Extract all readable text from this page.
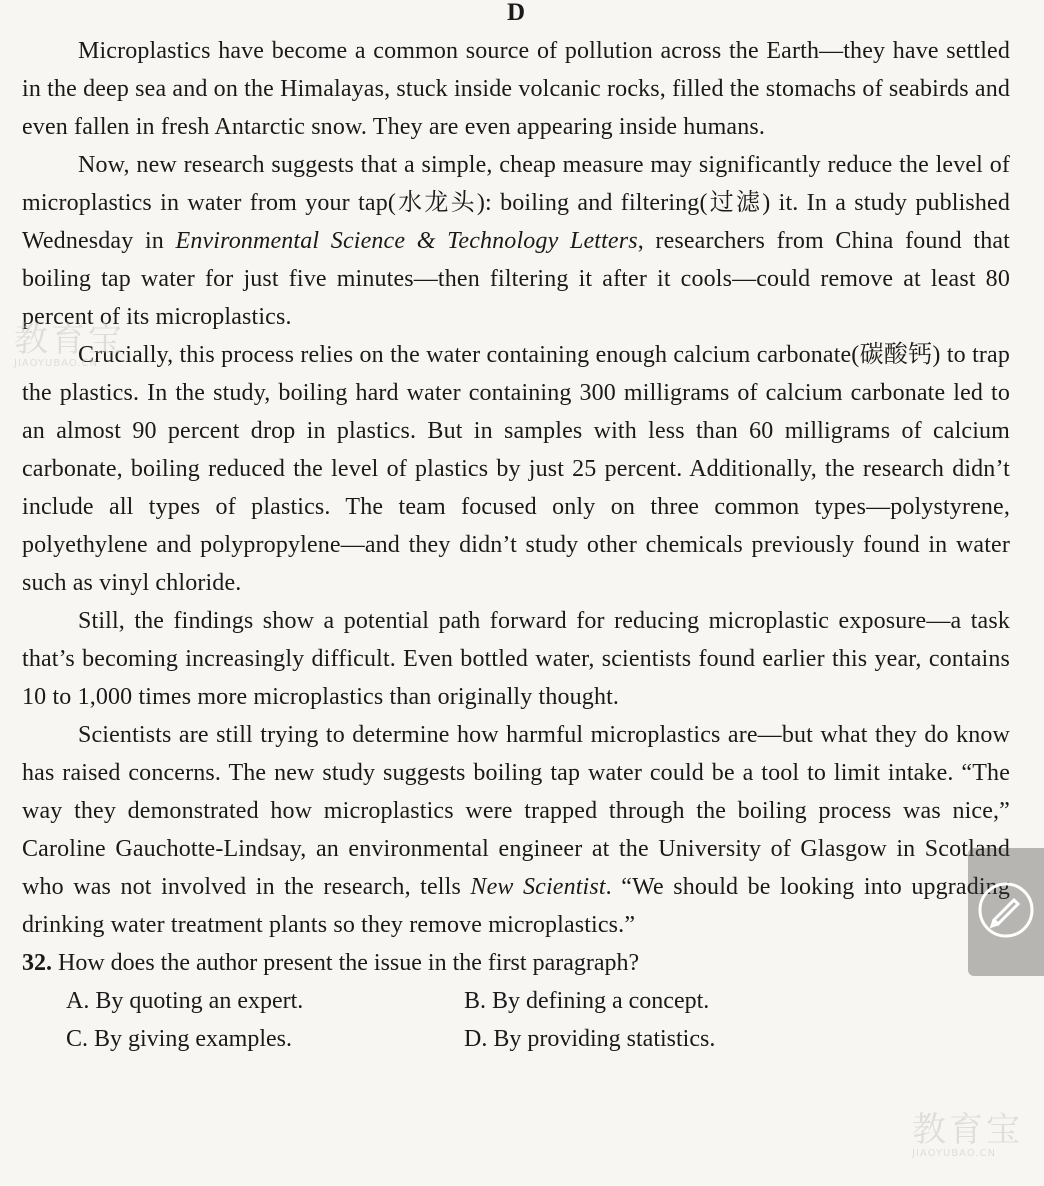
D

Microplastics have become a common source of pollution across the Earth—they have settled in the deep sea and on the Himalayas, stuck inside volcanic rocks, filled the stomachs of seabirds and even fallen in fresh Antarctic snow. They are even appearing inside humans.

Now, new research suggests that a simple, cheap measure may significantly reduce the level of microplastics in water from your tap(水龙头): boiling and filtering(过滤) it. In a study published Wednesday in Environmental Science & Technology Letters, researchers from China found that boiling tap water for just five minutes—then filtering it after it cools—could remove at least 80 percent of its microplastics.

Crucially, this process relies on the water containing enough calcium carbonate(碳酸钙) to trap the plastics. In the study, boiling hard water containing 300 milligrams of calcium carbonate led to an almost 90 percent drop in plastics. But in samples with less than 60 milligrams of calcium carbonate, boiling reduced the level of plastics by just 25 percent. Additionally, the research didn’t include all types of plastics. The team focused only on three common types—polystyrene, polyethylene and polypropylene—and they didn’t study other chemicals previously found in water such as vinyl chloride.

Still, the findings show a potential path forward for reducing microplastic exposure—a task that’s becoming increasingly difficult. Even bottled water, scientists found earlier this year, contains 10 to 1,000 times more microplastics than originally thought.

Scientists are still trying to determine how harmful microplastics are—but what they do know has raised concerns. The new study suggests boiling tap water could be a tool to limit intake. “The way they demonstrated how microplastics were trapped through the boiling process was nice,” Caroline Gauchotte-Lindsay, an environmental engineer at the University of Glasgow in Scotland who was not involved in the research, tells New Scientist. “We should be looking into upgrading drinking water treatment plants so they remove microplastics.”

32. How does the author present the issue in the first paragraph?

A. By quoting an expert.	B. By defining a concept.
C. By giving examples.	D. By providing statistics.
教育宝
JIAOYUBAO.CN
教育宝
JIAOYUBAO.CN
